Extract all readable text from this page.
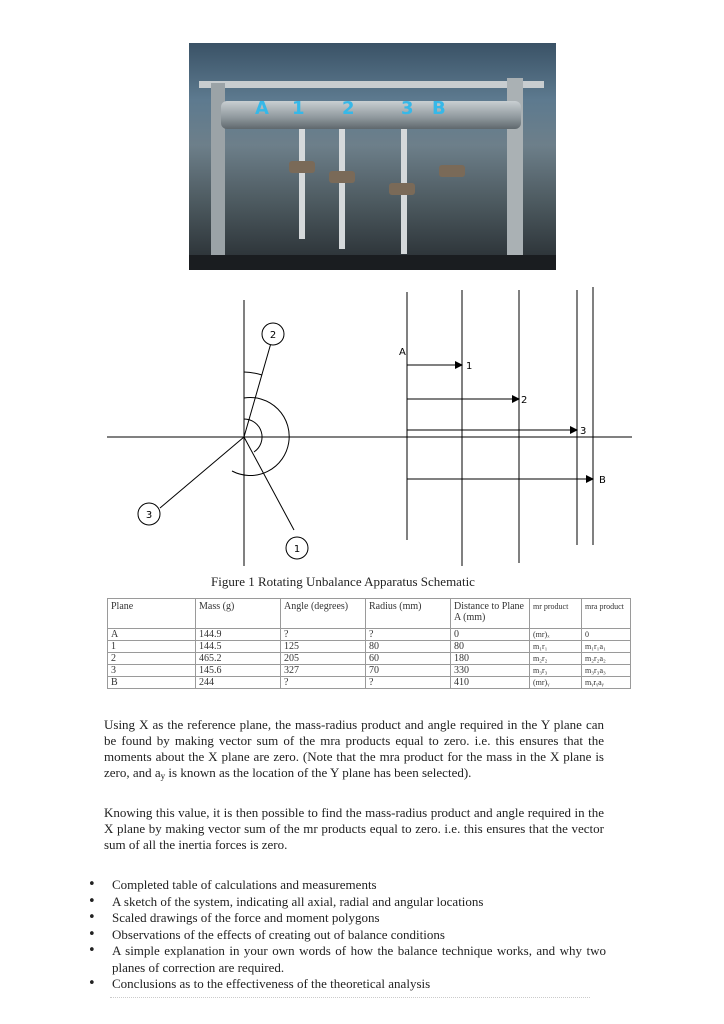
A 1 2	3 B
2
3
1
A
1
2
3
B
Figure 1 Rotating Unbalance Apparatus Schematic
Plane	Mass (g)	Angle (degrees)	Radius (mm)	Distance to Plane A (mm)	mr product	mra product
A	144.9	?	?	0	(mr)ₓ	0
1	144.5	125	80	80	m₁r₁	m₁r₁a₁
2	465.2	205	60	180	m₂r₂	m₂r₂a₂
3	145.6	327	70	330	m₃r₃	m₃r₃a₃
B	244	?	?	410	(mr)ᵧ	mᵧrᵧaᵧ

Using X as the reference plane, the mass-radius product and angle required in the Y plane can be found by making vector sum of the mra products equal to zero. i.e. this ensures that the moments about the X plane are zero. (Note that the mra product for the mass in the X plane is zero, and $a_y$ is known as the location of the Y plane has been selected).

Knowing this value, it is then possible to find the mass-radius product and angle required in the X plane by making vector sum of the mr products equal to zero. i.e. this ensures that the vector sum of all the inertia forces is zero.

• Completed table of calculations and measurements
• A sketch of the system, indicating all axial, radial and angular locations
• Scaled drawings of the force and moment polygons
• Observations of the effects of creating out of balance conditions
• A simple explanation in your own words of how the balance technique works, and why two planes of correction are required.
• Conclusions as to the effectiveness of the theoretical analysis
